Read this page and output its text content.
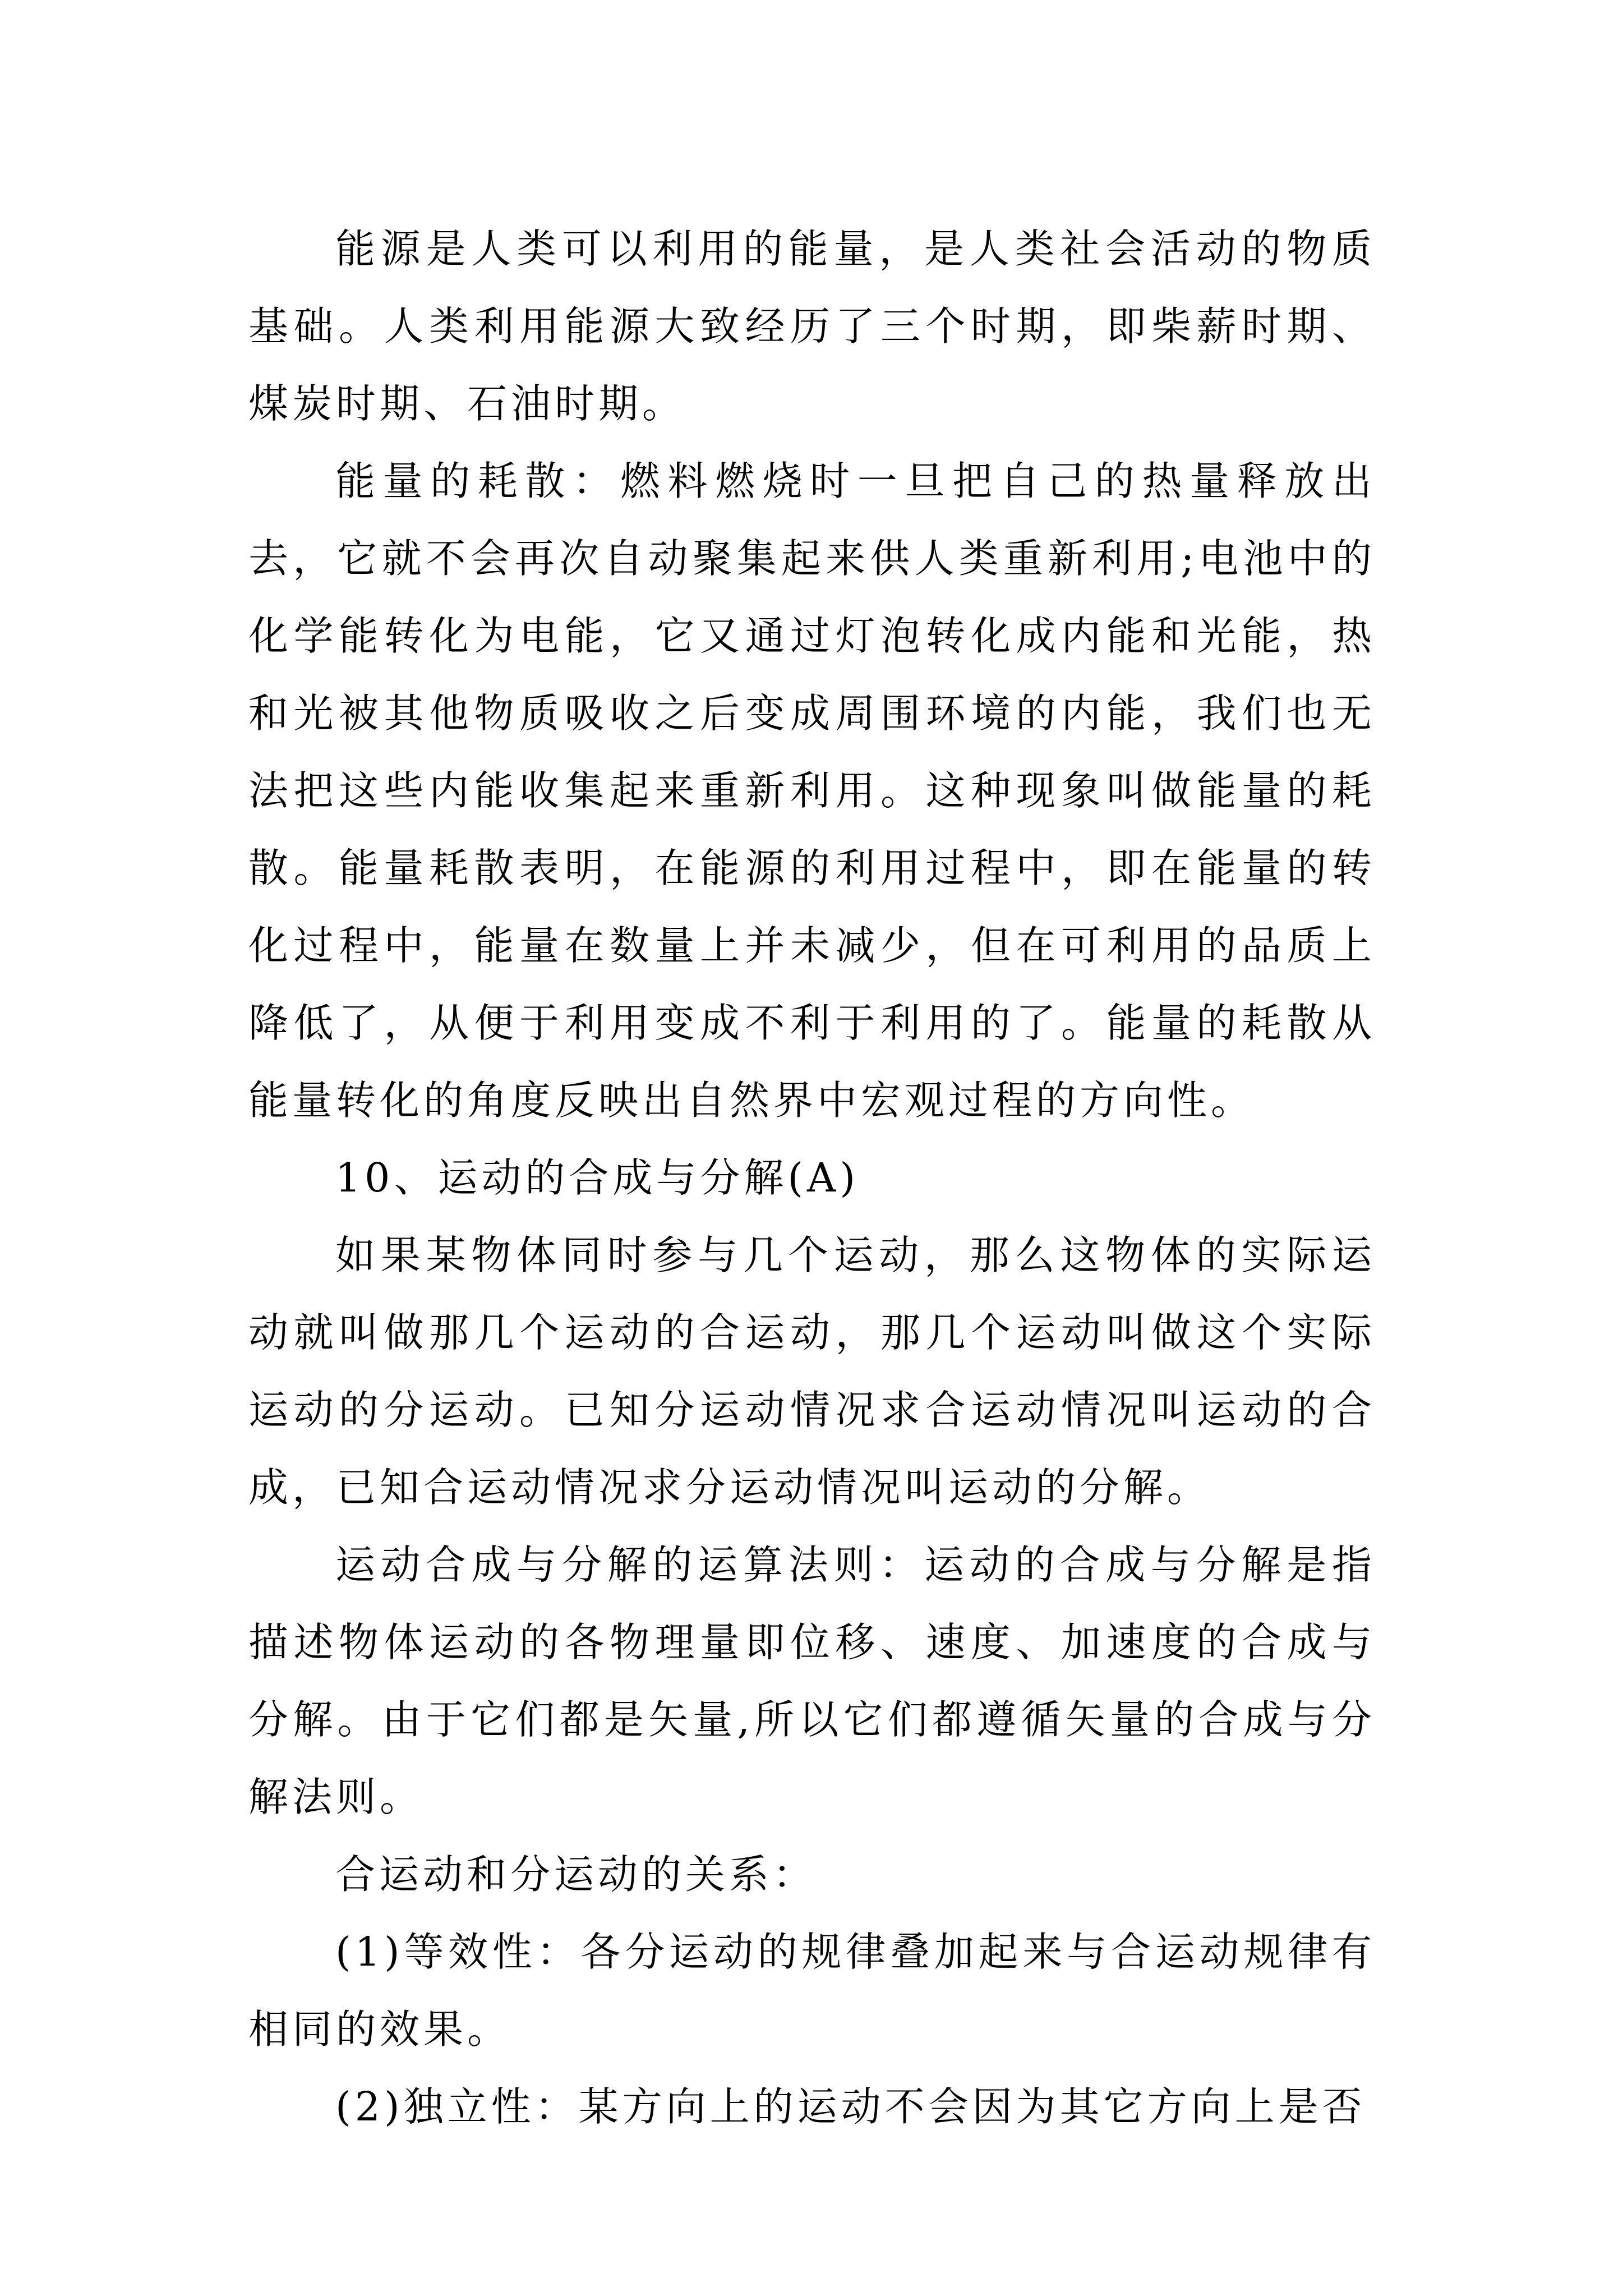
能源是人类可以利用的能量，是人类社会活动的物质基础。人类利用能源大致经历了三个时期，即柴薪时期、煤炭时期、石油时期。

能量的耗散：燃料燃烧时一旦把自己的热量释放出去，它就不会再次自动聚集起来供人类重新利用;电池中的化学能转化为电能，它又通过灯泡转化成内能和光能，热和光被其他物质吸收之后变成周围环境的内能，我们也无法把这些内能收集起来重新利用。这种现象叫做能量的耗散。能量耗散表明，在能源的利用过程中，即在能量的转化过程中，能量在数量上并未减少，但在可利用的品质上降低了，从便于利用变成不利于利用的了。能量的耗散从能量转化的角度反映出自然界中宏观过程的方向性。

10、运动的合成与分解(A)

如果某物体同时参与几个运动，那么这物体的实际运动就叫做那几个运动的合运动，那几个运动叫做这个实际运动的分运动。已知分运动情况求合运动情况叫运动的合成，已知合运动情况求分运动情况叫运动的分解。

运动合成与分解的运算法则：运动的合成与分解是指描述物体运动的各物理量即位移、速度、加速度的合成与分解。由于它们都是矢量,所以它们都遵循矢量的合成与分解法则。

合运动和分运动的关系：

(1)等效性：各分运动的规律叠加起来与合运动规律有相同的效果。

(2)独立性：某方向上的运动不会因为其它方向上是否
